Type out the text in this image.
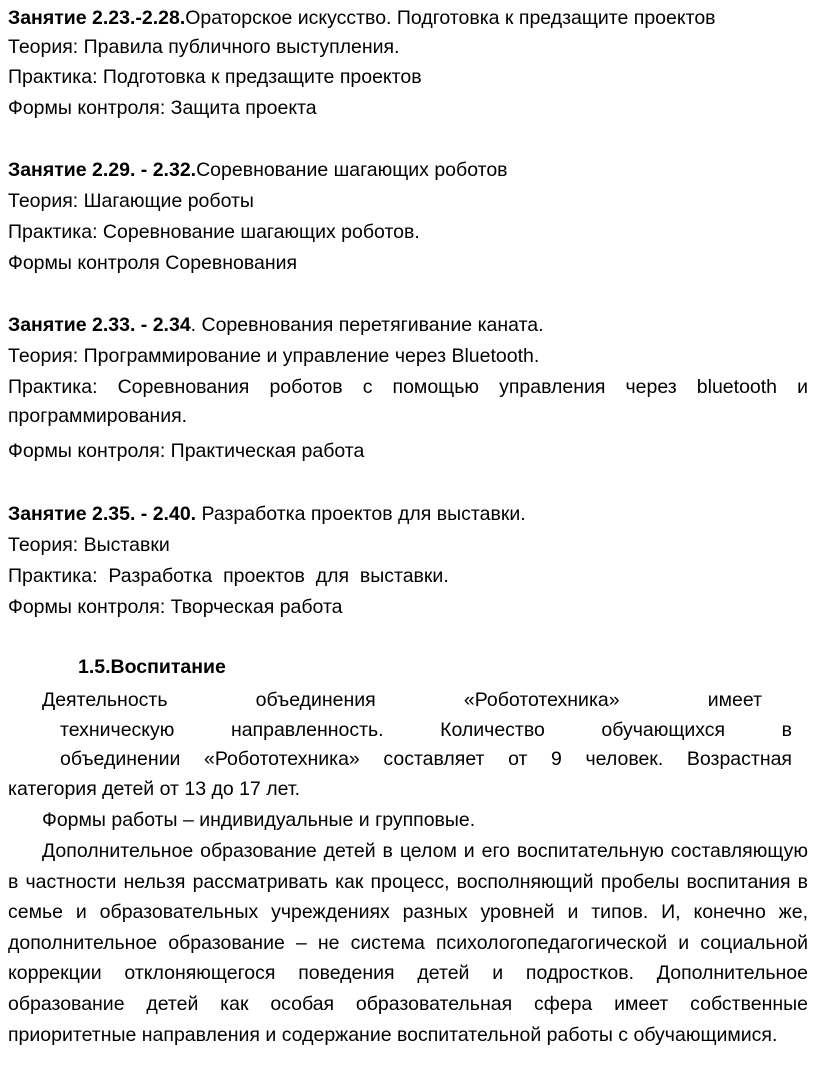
Занятие 2.23.-2.28.Ораторское искусство. Подготовка к предзащите проектов
Теория: Правила публичного выступления.
Практика: Подготовка к предзащите проектов
Формы контроля: Защита проекта
Занятие 2.29. - 2.32.Соревнование шагающих роботов
Теория: Шагающие роботы
Практика: Соревнование шагающих роботов.
Формы контроля Соревнования
Занятие 2.33. - 2.34. Соревнования перетягивание каната.
Теория: Программирование и управление через Bluetooth.
Практика: Соревнования роботов с помощью управления через bluetooth и
программирования.
Формы контроля: Практическая работа
Занятие 2.35. - 2.40. Разработка проектов для выставки.
Теория: Выставки
Практика:  Разработка  проектов  для  выставки.
Формы контроля: Творческая работа
1.5.Воспитание
Деятельность объединения «Робототехника» имеет
техническую направленность. Количество обучающихся в
объединении «Робототехника» составляет от 9 человек. Возрастная
категория детей от 13 до 17 лет.
Формы работы – индивидуальные и групповые.
Дополнительное образование детей в целом и его воспитательную составляющую в частности нельзя рассматривать как процесс, восполняющий пробелы воспитания в семье и образовательных учреждениях разных уровней и типов. И, конечно же, дополнительное образование – не система психологопедагогической и социальной коррекции отклоняющегося поведения детей и подростков. Дополнительное образование детей как особая образовательная сфера имеет собственные приоритетные направления и содержание воспитательной работы с обучающимися.
